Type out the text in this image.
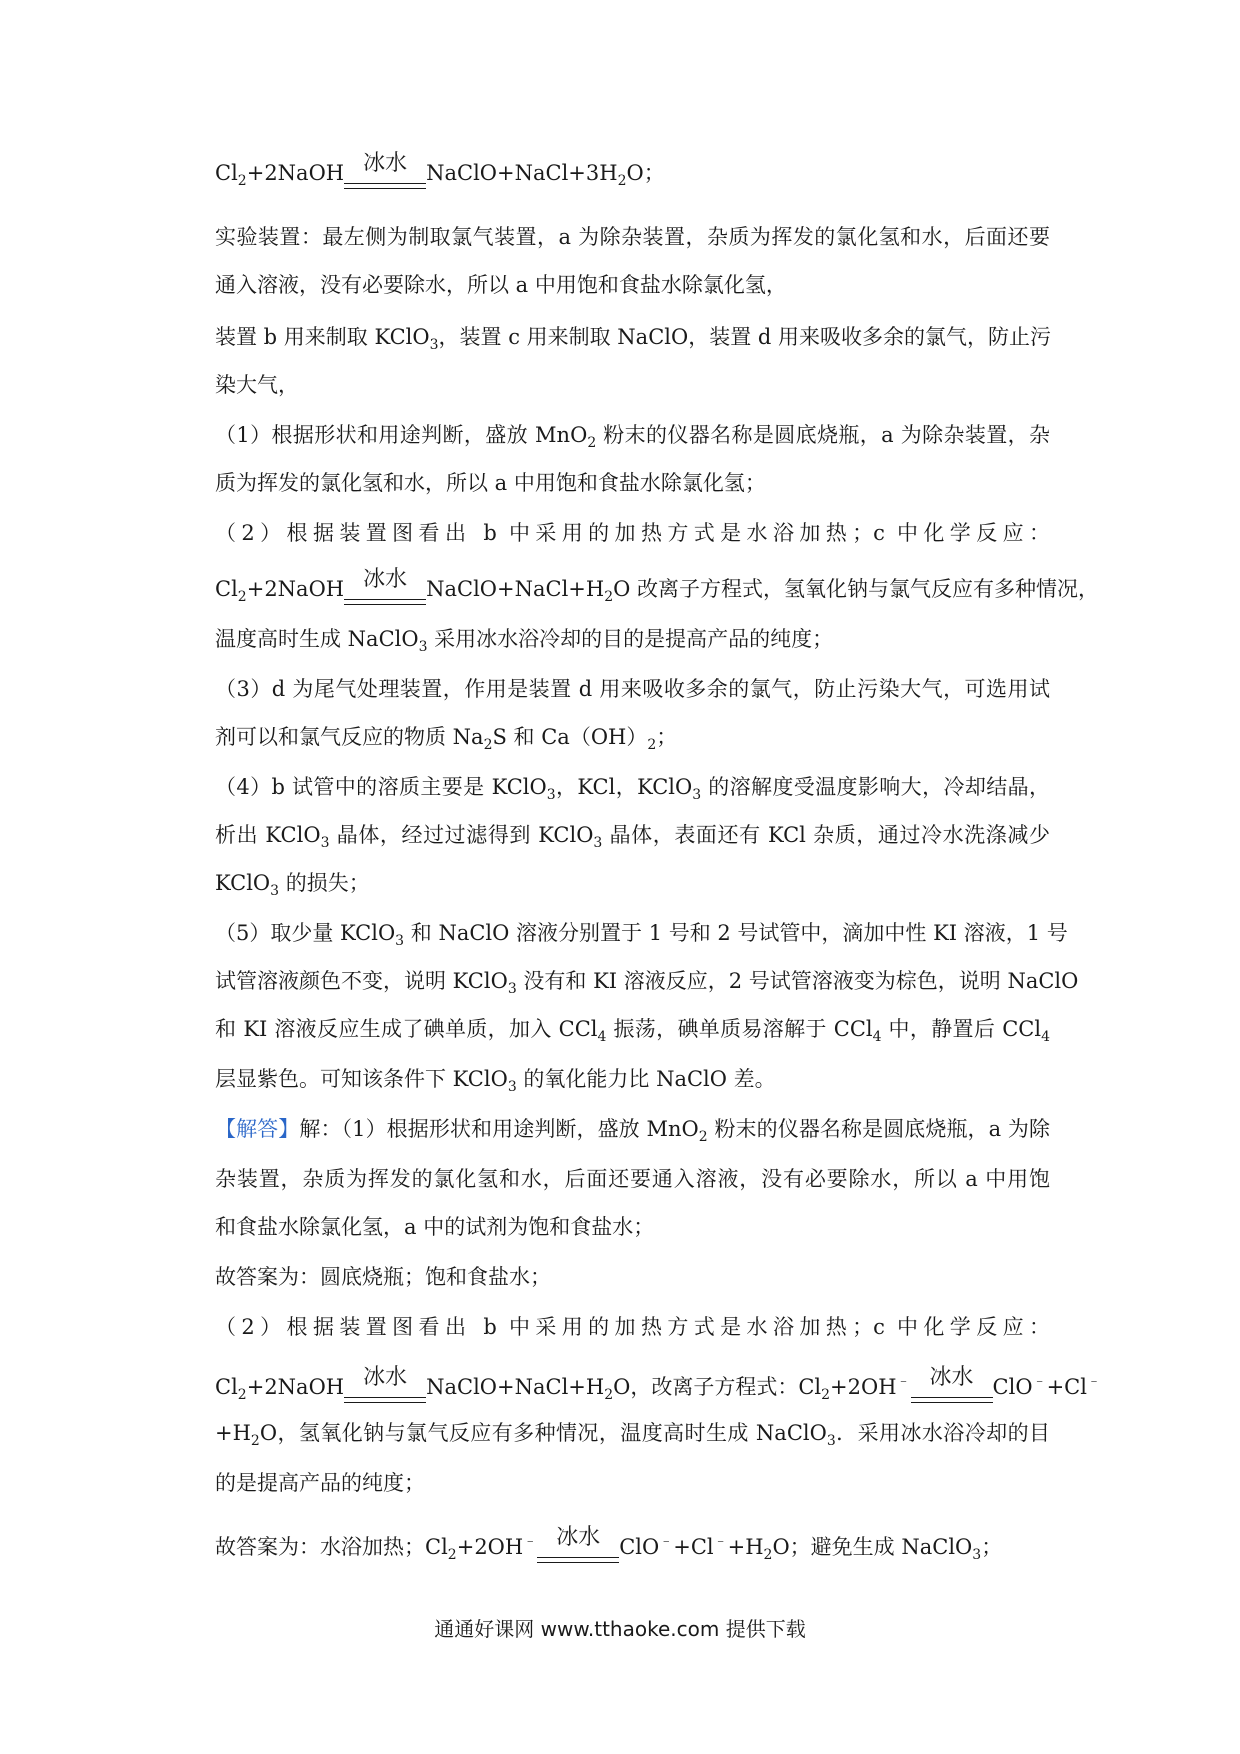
$Cl_2+2NaOH$ 冰水 $NaClO+NaCl+3H_2O$；
实验装置：最左侧为制取氯气装置，a 为除杂装置，杂质为挥发的氯化氢和水，后面还要
通入溶液，没有必要除水，所以 a 中用饱和食盐水除氯化氢，
装置 b 用来制取 KClO$_3$，装置 c 用来制取 NaClO，装置 d 用来吸收多余的氯气，防止污
染大气，
（1）根据形状和用途判断，盛放 MnO$_2$ 粉末的仪器名称是圆底烧瓶，a 为除杂装置，杂
质为挥发的氯化氢和水，所以 a 中用饱和食盐水除氯化氢；
（2）根据装置图看出 b 中采用的加热方式是水浴加热；c 中化学反应：
$Cl_2+2NaOH$ 冰水 $NaClO+NaCl+H_2O$ 改离子方程式，氢氧化钠与氯气反应有多种情况，
温度高时生成 NaClO$_3$ 采用冰水浴冷却的目的是提高产品的纯度；
（3）d 为尾气处理装置，作用是装置 d 用来吸收多余的氯气，防止污染大气，可选用试
剂可以和氯气反应的物质 $Na_2S$ 和 $Ca(OH)_2$；
（4）b 试管中的溶质主要是 KClO$_3$，KCl，KClO$_3$ 的溶解度受温度影响大，冷却结晶，
析出 KClO$_3$ 晶体，经过过滤得到 KClO$_3$ 晶体，表面还有 KCl 杂质，通过冷水洗涤减少
KClO$_3$ 的损失；
（5）取少量 KClO$_3$ 和 NaClO 溶液分别置于 1 号和 2 号试管中，滴加中性 KI 溶液，1 号
试管溶液颜色不变，说明 KClO$_3$ 没有和 KI 溶液反应，2 号试管溶液变为棕色，说明 NaClO
和 KI 溶液反应生成了碘单质，加入 CCl$_4$ 振荡，碘单质易溶解于 CCl$_4$ 中，静置后 CCl$_4$
层显紫色。可知该条件下 KClO$_3$ 的氧化能力比 NaClO 差。
【解答】解：（1）根据形状和用途判断，盛放 MnO$_2$ 粉末的仪器名称是圆底烧瓶，a 为除
杂装置，杂质为挥发的氯化氢和水，后面还要通入溶液，没有必要除水，所以 a 中用饱
和食盐水除氯化氢，a 中的试剂为饱和食盐水；
故答案为：圆底烧瓶；饱和食盐水；
（2）根据装置图看出 b 中采用的加热方式是水浴加热；c 中化学反应：
$Cl_2+2NaOH$ 冰水 $NaClO+NaCl+H_2O$，改离子方程式：$Cl_2+2OH^﹣$ 冰水 ClO﹣+Cl﹣
$+H_2O$，氢氧化钠与氯气反应有多种情况，温度高时生成 NaClO$_3$．采用冰水浴冷却的目
的是提高产品的纯度；
故答案为：水浴加热；$Cl_2+2OH^﹣$ 冰水 $ClO^﹣+Cl^﹣+H_2O$；避免生成 NaClO$_3$；
通通好课网 www.tthaoke.com 提供下载
